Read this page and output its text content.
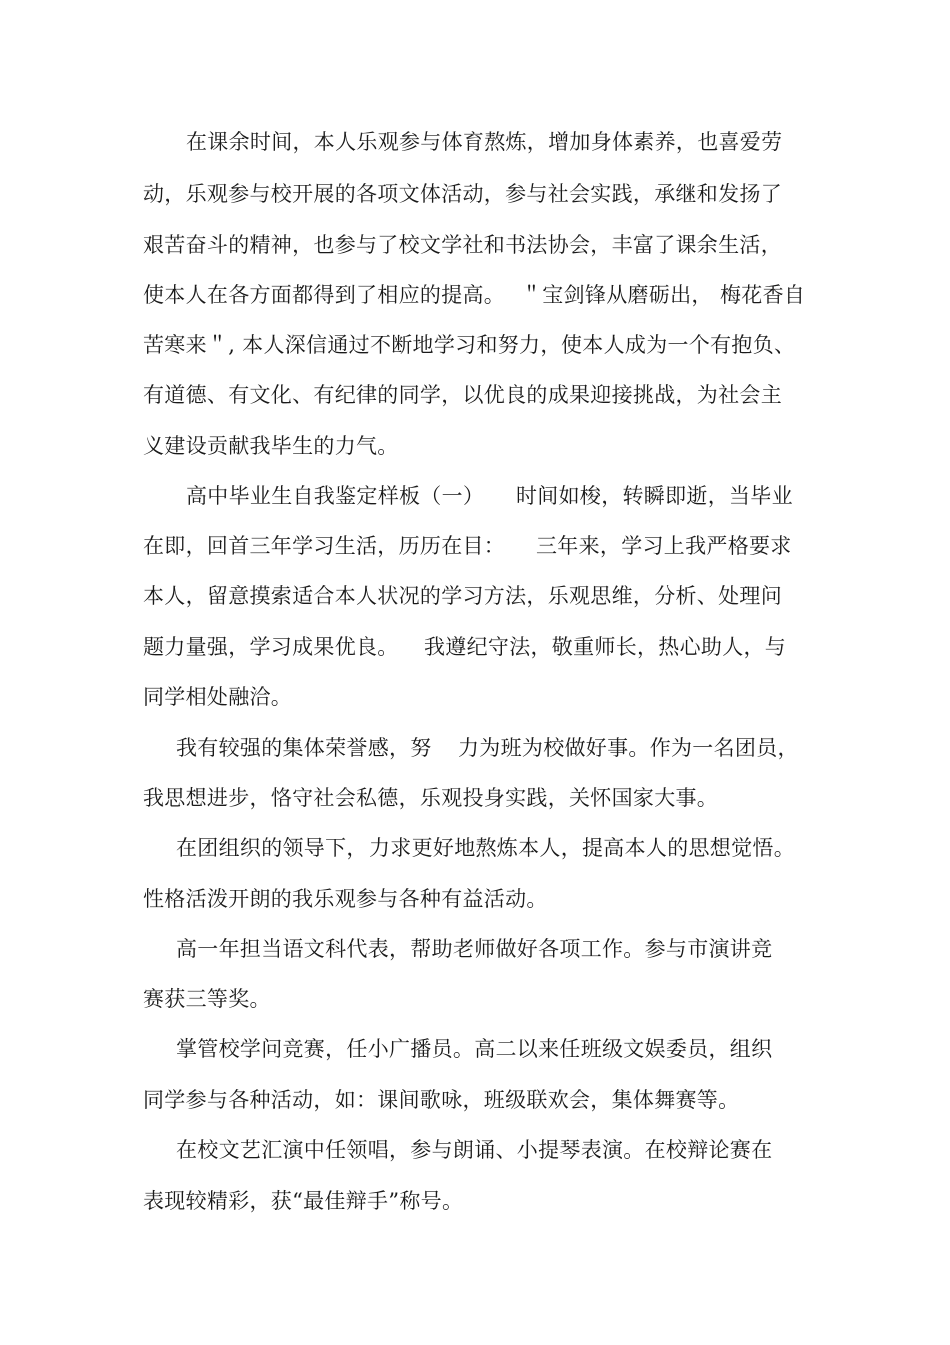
在课余时间，本人乐观参与体育熬炼，增加身体素养，也喜爱劳
动，乐观参与校开展的各项文体活动，参与社会实践，承继和发扬了
艰苦奋斗的精神，也参与了校文学社和书法协会，丰富了课余生活，
使本人在各方面都得到了相应的提高。 ＂宝剑锋从磨砺出， 梅花香自
苦寒来＂, 本人深信通过不断地学习和努力， 使本人成为一个有抱负、
有道德、有文化、有纪律的同学，以优良的成果迎接挑战，为社会主
义建设贡献我毕生的力气。
高中毕业生自我鉴定样板（一） 时间如梭，转瞬即逝，当毕业
在即，回首三年学习生活，历历在目： 三年来，学习上我严格要求
本人，留意摸索适合本人状况的学习方法，乐观思维，分析、处理问
题力量强，学习成果优良。 我遵纪守法，敬重师长，热心助人，与
同学相处融洽。
我有较强的集体荣誉感，努 力为班为校做好事。作为一名团员，
我思想进步，恪守社会私德，乐观投身实践，关怀国家大事。
在团组织的领导下， 力求更好地熬炼本人， 提高本人的思想觉悟。
性格活泼开朗的我乐观参与各种有益活动。
高一年担当语文科代表，帮助老师做好各项工作。参与市演讲竞
赛获三等奖。
掌管校学问竞赛，任小广播员。高二以来任班级文娱委员，组织
同学参与各种活动，如：课间歌咏，班级联欢会，集体舞赛等。
在校文艺汇演中任领唱，参与朗诵、小提琴表演。在校辩论赛在
表现较精彩，获“最佳辩手”称号。
